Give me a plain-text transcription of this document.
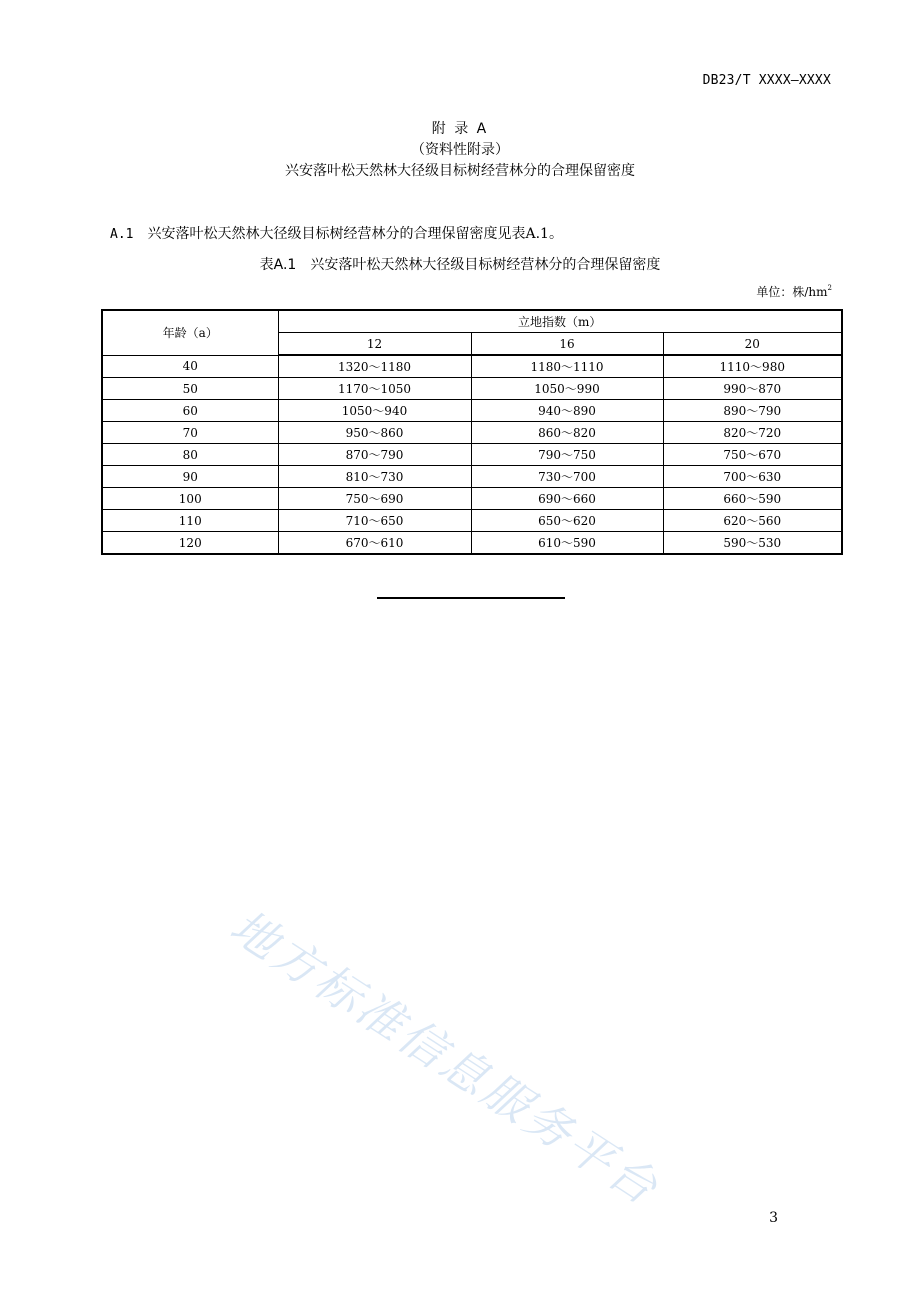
DB23/T XXXX—XXXX
附 录 A
（资料性附录）
兴安落叶松天然林大径级目标树经营林分的合理保留密度
A.1 兴安落叶松天然林大径级目标树经营林分的合理保留密度见表A.1。
表A.1 兴安落叶松天然林大径级目标树经营林分的合理保留密度
单位：株$/hm^2$
年龄（a）	立地指数（m）		
	12	16	20
40	1320～1180	1180～1110	1110～980
50	1170～1050	1050～990	990～870
60	1050～940	940～890	890～790
70	950～860	860～820	820～720
80	870～790	790～750	750～670
90	810～730	730～700	700～630
100	750～690	690～660	660～590
110	710～650	650～620	620～560
120	670～610	610～590	590～530
地方标准信息服务平台
3
